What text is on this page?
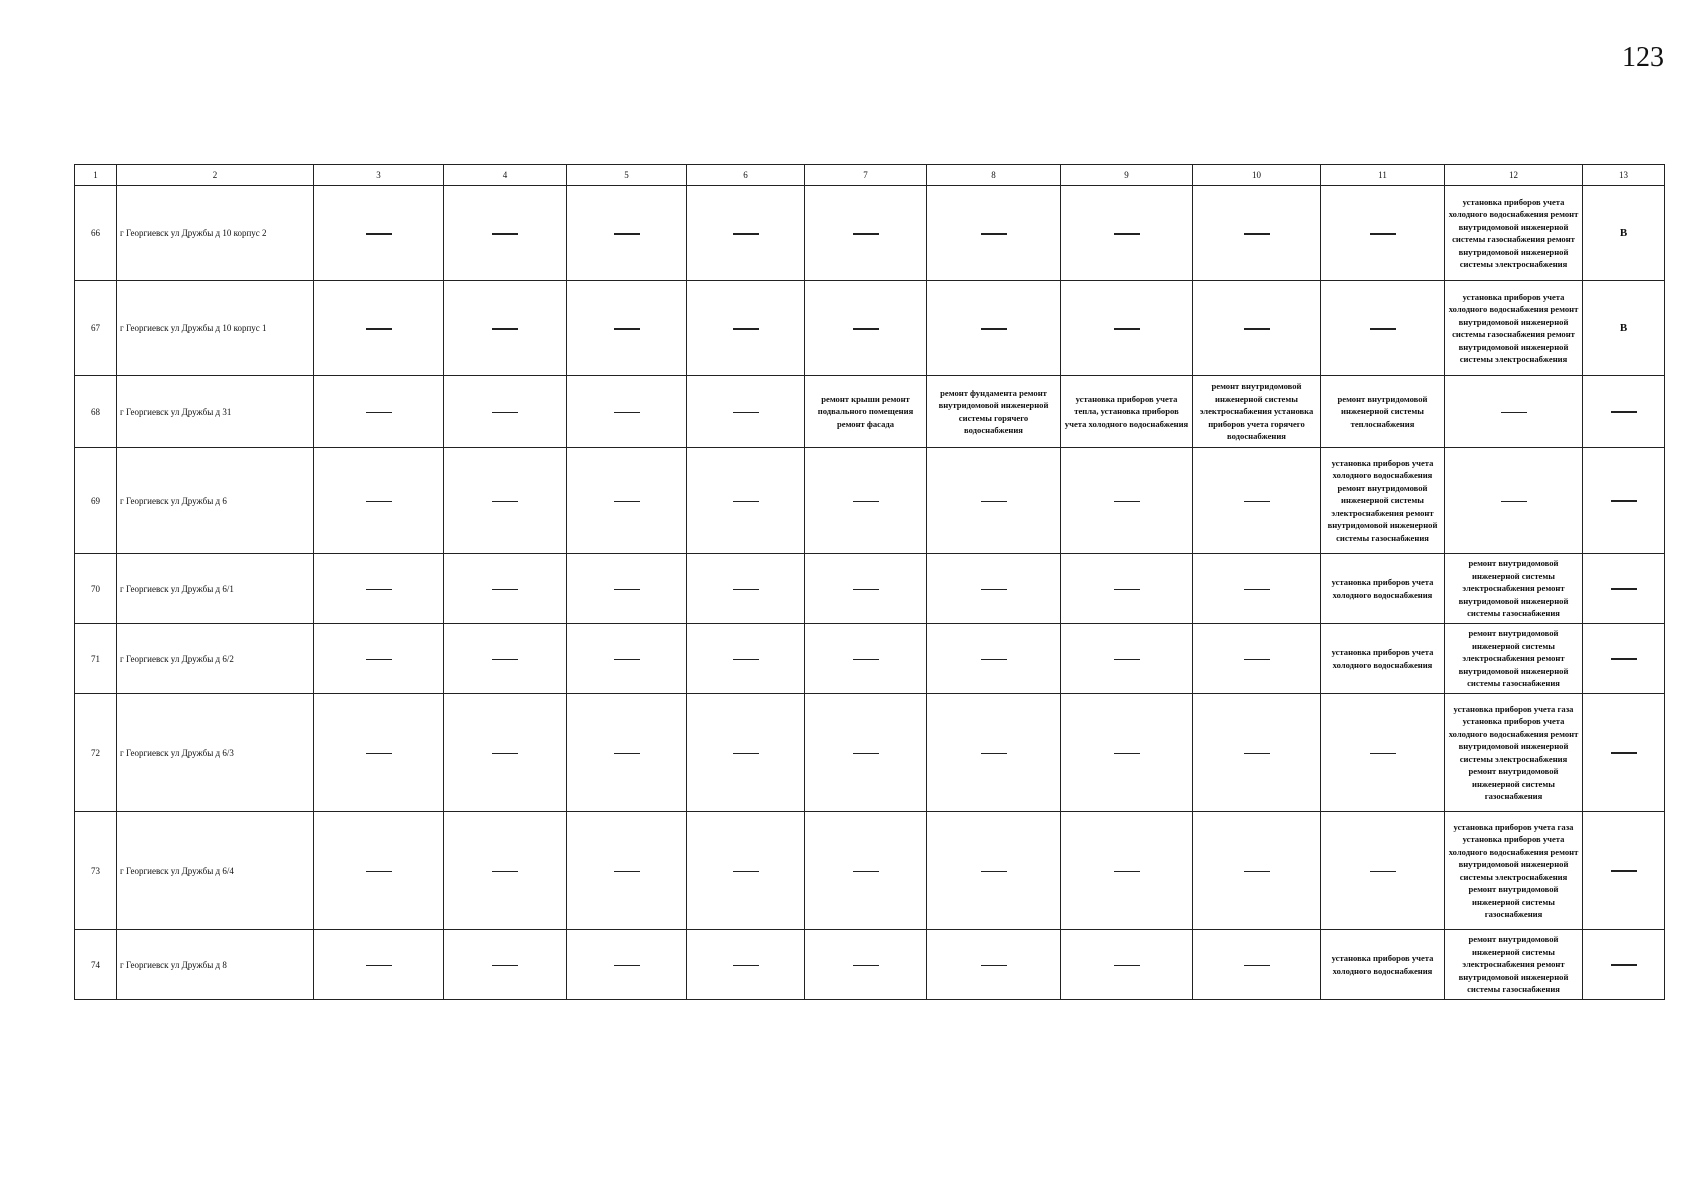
123
1	2	3	4	5	6	7	8	9	10	11	12	13
66	г Георгиевск ул Дружбы д 10 корпус 2										установка приборов учета холодного водоснабжения ремонт внутридомовой инженерной системы газоснабжения ремонт внутридомовой инженерной системы электроснабжения	В
67	г Георгиевск ул Дружбы д 10 корпус 1										установка приборов учета холодного водоснабжения ремонт внутридомовой инженерной системы газоснабжения ремонт внутридомовой инженерной системы электроснабжения	В
68	г Георгиевск ул Дружбы д 31					ремонт крыши ремонт подвального помещения ремонт фасада	ремонт фундамента ремонт внутридомовой инженерной системы горячего водоснабжения	установка приборов учета тепла, установка приборов учета холодного водоснабжения	ремонт внутридомовой инженерной системы электроснабжения установка приборов учета горячего водоснабжения	ремонт внутридомовой инженерной системы теплоснабжения		
69	г Георгиевск ул Дружбы д 6									установка приборов учета холодного водоснабжения ремонт внутридомовой инженерной системы электроснабжения ремонт внутридомовой инженерной системы газоснабжения		
70	г Георгиевск ул Дружбы д 6/1									установка приборов учета холодного водоснабжения	ремонт внутридомовой инженерной системы электроснабжения ремонт внутридомовой инженерной системы газоснабжения	
71	г Георгиевск ул Дружбы д 6/2									установка приборов учета холодного водоснабжения	ремонт внутридомовой инженерной системы электроснабжения ремонт внутридомовой инженерной системы газоснабжения	
72	г Георгиевск ул Дружбы д 6/3										установка приборов учета газа установка приборов учета холодного водоснабжения ремонт внутридомовой инженерной системы электроснабжения ремонт внутридомовой инженерной системы газоснабжения	
73	г Георгиевск ул Дружбы д 6/4										установка приборов учета газа установка приборов учета холодного водоснабжения ремонт внутридомовой инженерной системы электроснабжения ремонт внутридомовой инженерной системы газоснабжения	
74	г Георгиевск ул Дружбы д 8									установка приборов учета холодного водоснабжения	ремонт внутридомовой инженерной системы электроснабжения ремонт внутридомовой инженерной системы газоснабжения	
